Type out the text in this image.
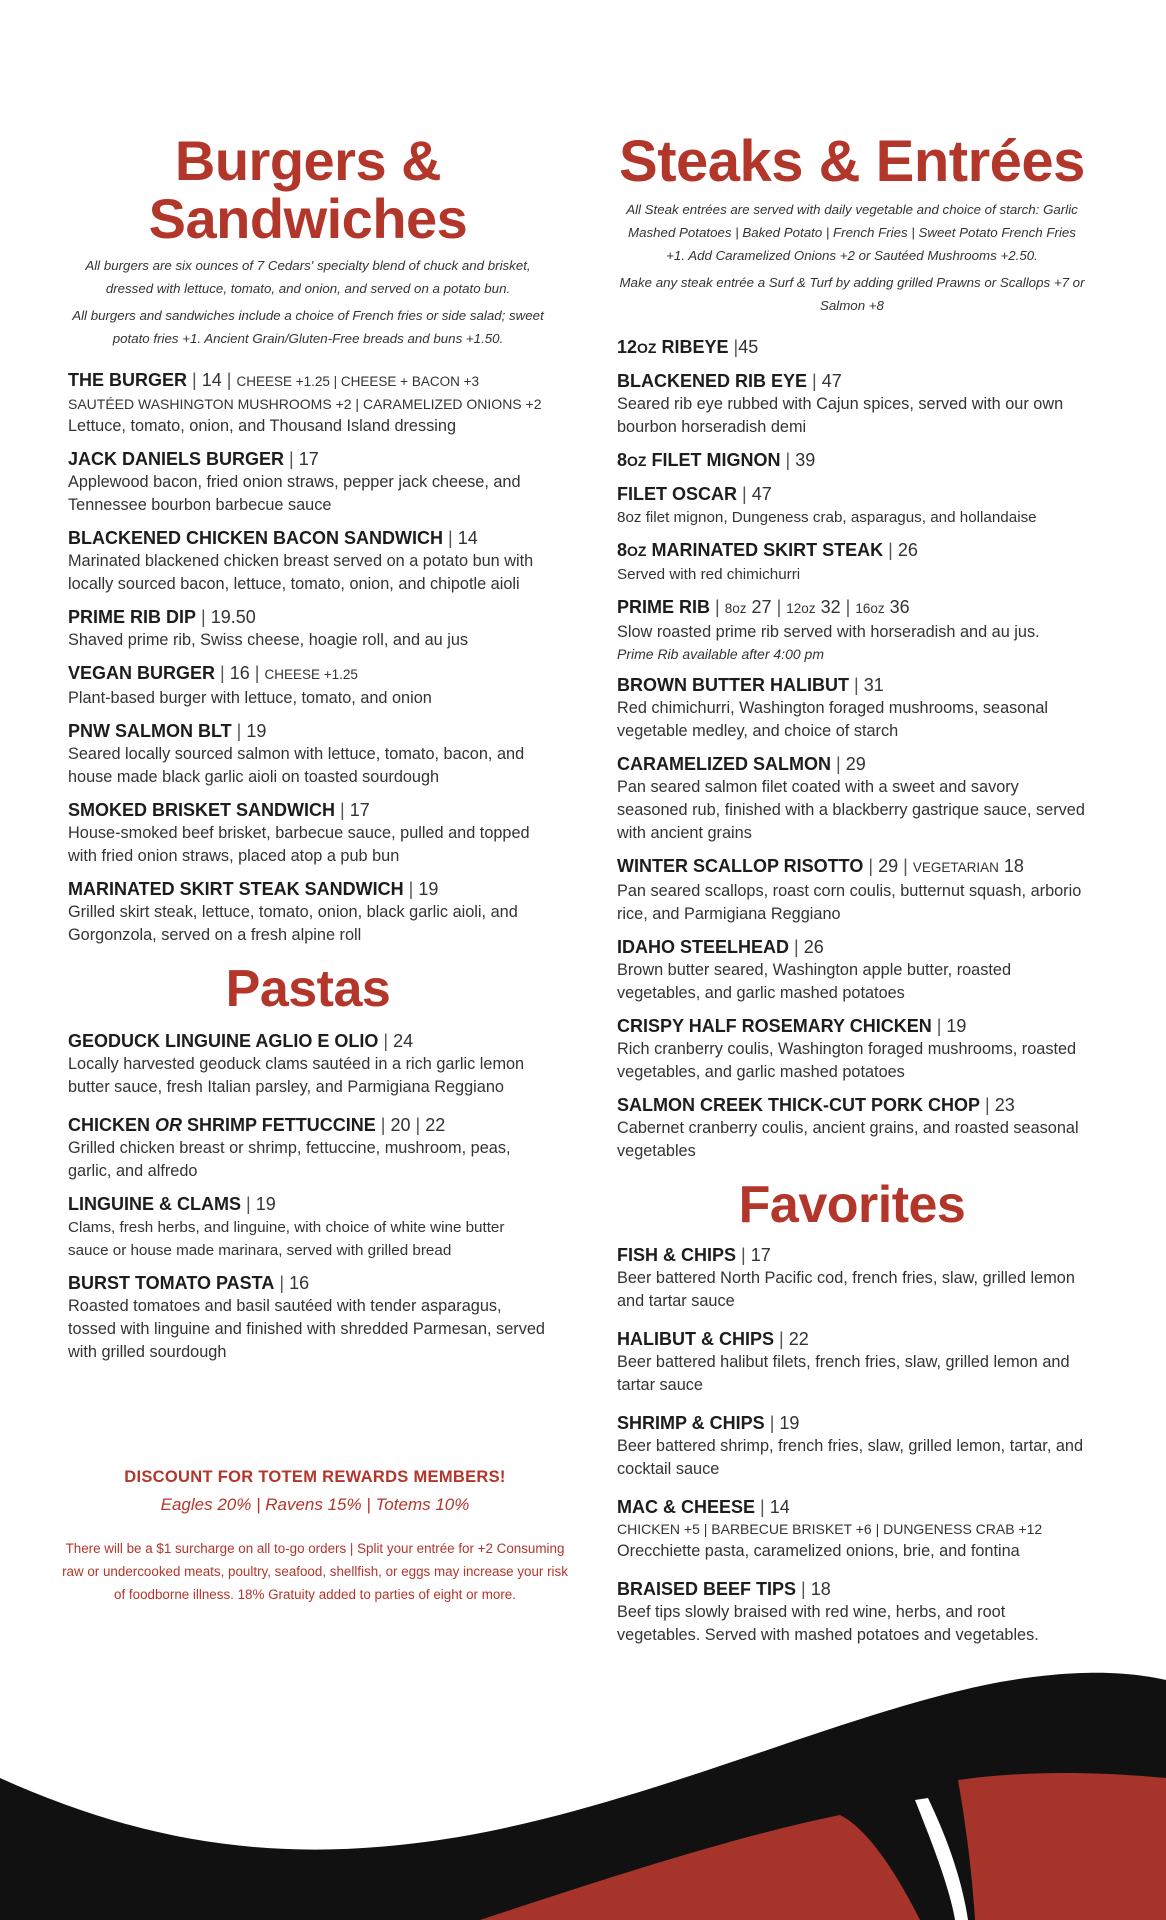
Burgers &
Sandwiches

All burgers are six ounces of 7 Cedars' specialty blend of chuck and brisket, dressed with lettuce, tomato, and onion, and served on a potato bun.

All burgers and sandwiches include a choice of French fries or side salad; sweet potato fries +1. Ancient Grain/Gluten-Free breads and buns +1.50.

THE BURGER | 14 | CHEESE +1.25 | CHEESE + BACON +3
SAUTÉED WASHINGTON MUSHROOMS +2 | CARAMELIZED ONIONS +2
Lettuce, tomato, onion, and Thousand Island dressing
JACK DANIELS BURGER | 17
Applewood bacon, fried onion straws, pepper jack cheese, and Tennessee bourbon barbecue sauce
BLACKENED CHICKEN BACON SANDWICH | 14
Marinated blackened chicken breast served on a potato bun with locally sourced bacon, lettuce, tomato, onion, and chipotle aioli
PRIME RIB DIP | 19.50
Shaved prime rib, Swiss cheese, hoagie roll, and au jus
VEGAN BURGER | 16 | CHEESE +1.25
Plant-based burger with lettuce, tomato, and onion
PNW SALMON BLT | 19
Seared locally sourced salmon with lettuce, tomato, bacon, and house made black garlic aioli on toasted sourdough
SMOKED BRISKET SANDWICH | 17
House-smoked beef brisket, barbecue sauce, pulled and topped with fried onion straws, placed atop a pub bun
MARINATED SKIRT STEAK SANDWICH | 19
Grilled skirt steak, lettuce, tomato, onion, black garlic aioli, and Gorgonzola, served on a fresh alpine roll
Pastas
GEODUCK LINGUINE AGLIO E OLIO | 24
Locally harvested geoduck clams sautéed in a rich garlic lemon butter sauce, fresh Italian parsley, and Parmigiana Reggiano
CHICKEN OR SHRIMP FETTUCCINE | 20 | 22
Grilled chicken breast or shrimp, fettuccine, mushroom, peas, garlic, and alfredo
LINGUINE & CLAMS | 19
Clams, fresh herbs, and linguine, with choice of white wine butter sauce or house made marinara, served with grilled bread
BURST TOMATO PASTA | 16
Roasted tomatoes and basil sautéed with tender asparagus, tossed with linguine and finished with shredded Parmesan, served with grilled sourdough
DISCOUNT FOR TOTEM REWARDS MEMBERS!
Eagles 20% | Ravens 15% | Totems 10%
There will be a $1 surcharge on all to-go orders | Split your entrée for +2 Consuming raw or undercooked meats, poultry, seafood, shellfish, or eggs may increase your risk of foodborne illness. 18% Gratuity added to parties of eight or more.
Steaks & Entrées

All Steak entrées are served with daily vegetable and choice of starch: Garlic Mashed Potatoes | Baked Potato | French Fries | Sweet Potato French Fries +1. Add Caramelized Onions +2 or Sautéed Mushrooms +2.50.

Make any steak entrée a Surf & Turf by adding grilled Prawns or Scallops +7 or Salmon +8

12OZ RIBEYE |45
BLACKENED RIB EYE | 47
Seared rib eye rubbed with Cajun spices, served with our own bourbon horseradish demi
8OZ FILET MIGNON | 39
FILET OSCAR | 47
8oz filet mignon, Dungeness crab, asparagus, and hollandaise
8OZ MARINATED SKIRT STEAK | 26
Served with red chimichurri
PRIME RIB | 8oz 27 | 12oz 32 | 16oz 36
Slow roasted prime rib served with horseradish and au jus.
Prime Rib available after 4:00 pm
BROWN BUTTER HALIBUT | 31
Red chimichurri, Washington foraged mushrooms, seasonal vegetable medley, and choice of starch
CARAMELIZED SALMON | 29
Pan seared salmon filet coated with a sweet and savory seasoned rub, finished with a blackberry gastrique sauce, served with ancient grains
WINTER SCALLOP RISOTTO | 29 | VEGETARIAN 18
Pan seared scallops, roast corn coulis, butternut squash, arborio rice, and Parmigiana Reggiano
IDAHO STEELHEAD | 26
Brown butter seared, Washington apple butter, roasted vegetables, and garlic mashed potatoes
CRISPY HALF ROSEMARY CHICKEN | 19
Rich cranberry coulis, Washington foraged mushrooms, roasted vegetables, and garlic mashed potatoes
SALMON CREEK THICK-CUT PORK CHOP | 23
Cabernet cranberry coulis, ancient grains, and roasted seasonal vegetables
Favorites
FISH & CHIPS | 17
Beer battered North Pacific cod, french fries, slaw, grilled lemon and tartar sauce
HALIBUT & CHIPS | 22
Beer battered halibut filets, french fries, slaw, grilled lemon and tartar sauce
SHRIMP & CHIPS | 19
Beer battered shrimp, french fries, slaw, grilled lemon, tartar, and cocktail sauce
MAC & CHEESE | 14
CHICKEN +5 | BARBECUE BRISKET +6 | DUNGENESS CRAB +12
Orecchiette pasta, caramelized onions, brie, and fontina
BRAISED BEEF TIPS | 18
Beef tips slowly braised with red wine, herbs, and root vegetables. Served with mashed potatoes and vegetables.
